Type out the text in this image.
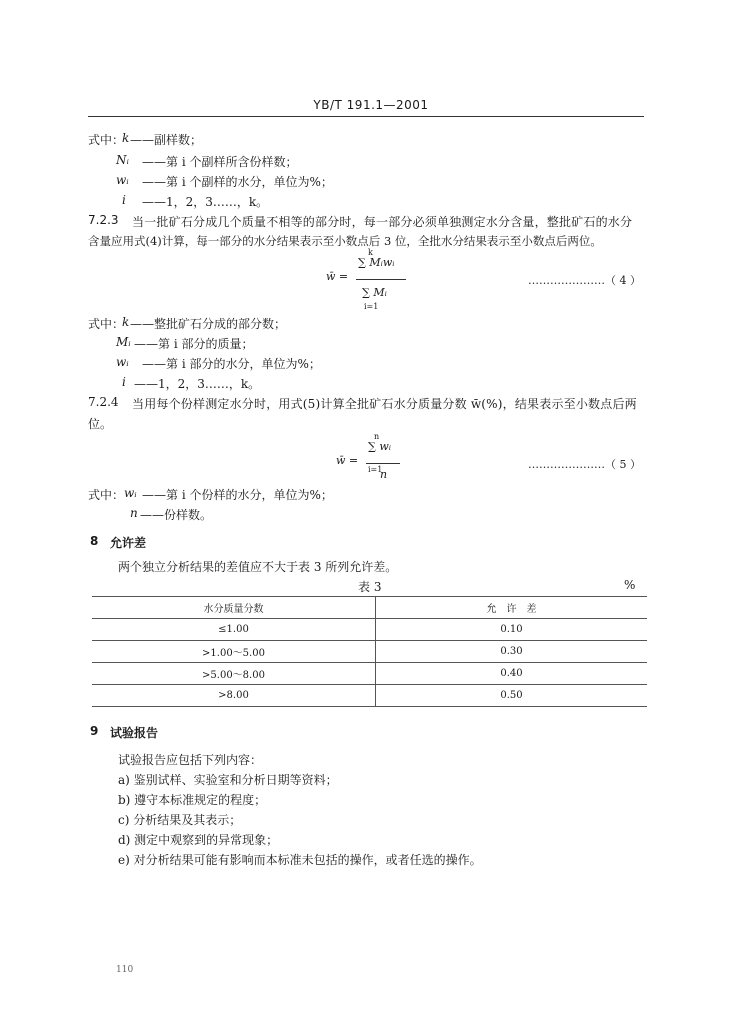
YB/T 191.1—2001
式中：
k ——副样数；
Nᵢ ——第 i 个副样所含份样数；
wᵢ ——第 i 个副样的水分，单位为%；
i ——1，2，3……，k。
7.2.3 当一批矿石分成几个质量不相等的部分时，每一部分必须单独测定水分含量，整批矿石的水分
含量应用式(4)计算，每一部分的水分结果表示至小数点后 3 位，全批水分结果表示至小数点后两位。
w̄ =
k
∑ Mᵢwᵢ
∑ Mᵢ
i=1
…………………（ 4 ）
式中：
k ——整批矿石分成的部分数；
Mᵢ ——第 i 部分的质量；
wᵢ ——第 i 部分的水分，单位为%；
i ——1，2，3……，k。
7.2.4 当用每个份样测定水分时，用式(5)计算全批矿石水分质量分数 w̄(%)，结果表示至小数点后两
位。
w̄ =
n
∑ wᵢ
i=1
n
…………………（ 5 ）
式中： wᵢ ——第 i 个份样的水分，单位为%；
n ——份样数。
8 允许差
两个独立分析结果的差值应不大于表 3 所列允许差。
表 3	%
水分质量分数	允　许　差
≤1.00	0.10
>1.00～5.00	0.30
>5.00～8.00	0.40
>8.00	0.50
9 试验报告
试验报告应包括下列内容：
a) 鉴别试样、实验室和分析日期等资料；
b) 遵守本标准规定的程度；
c) 分析结果及其表示；
d) 测定中观察到的异常现象；
e) 对分析结果可能有影响而本标准未包括的操作，或者任选的操作。
110
